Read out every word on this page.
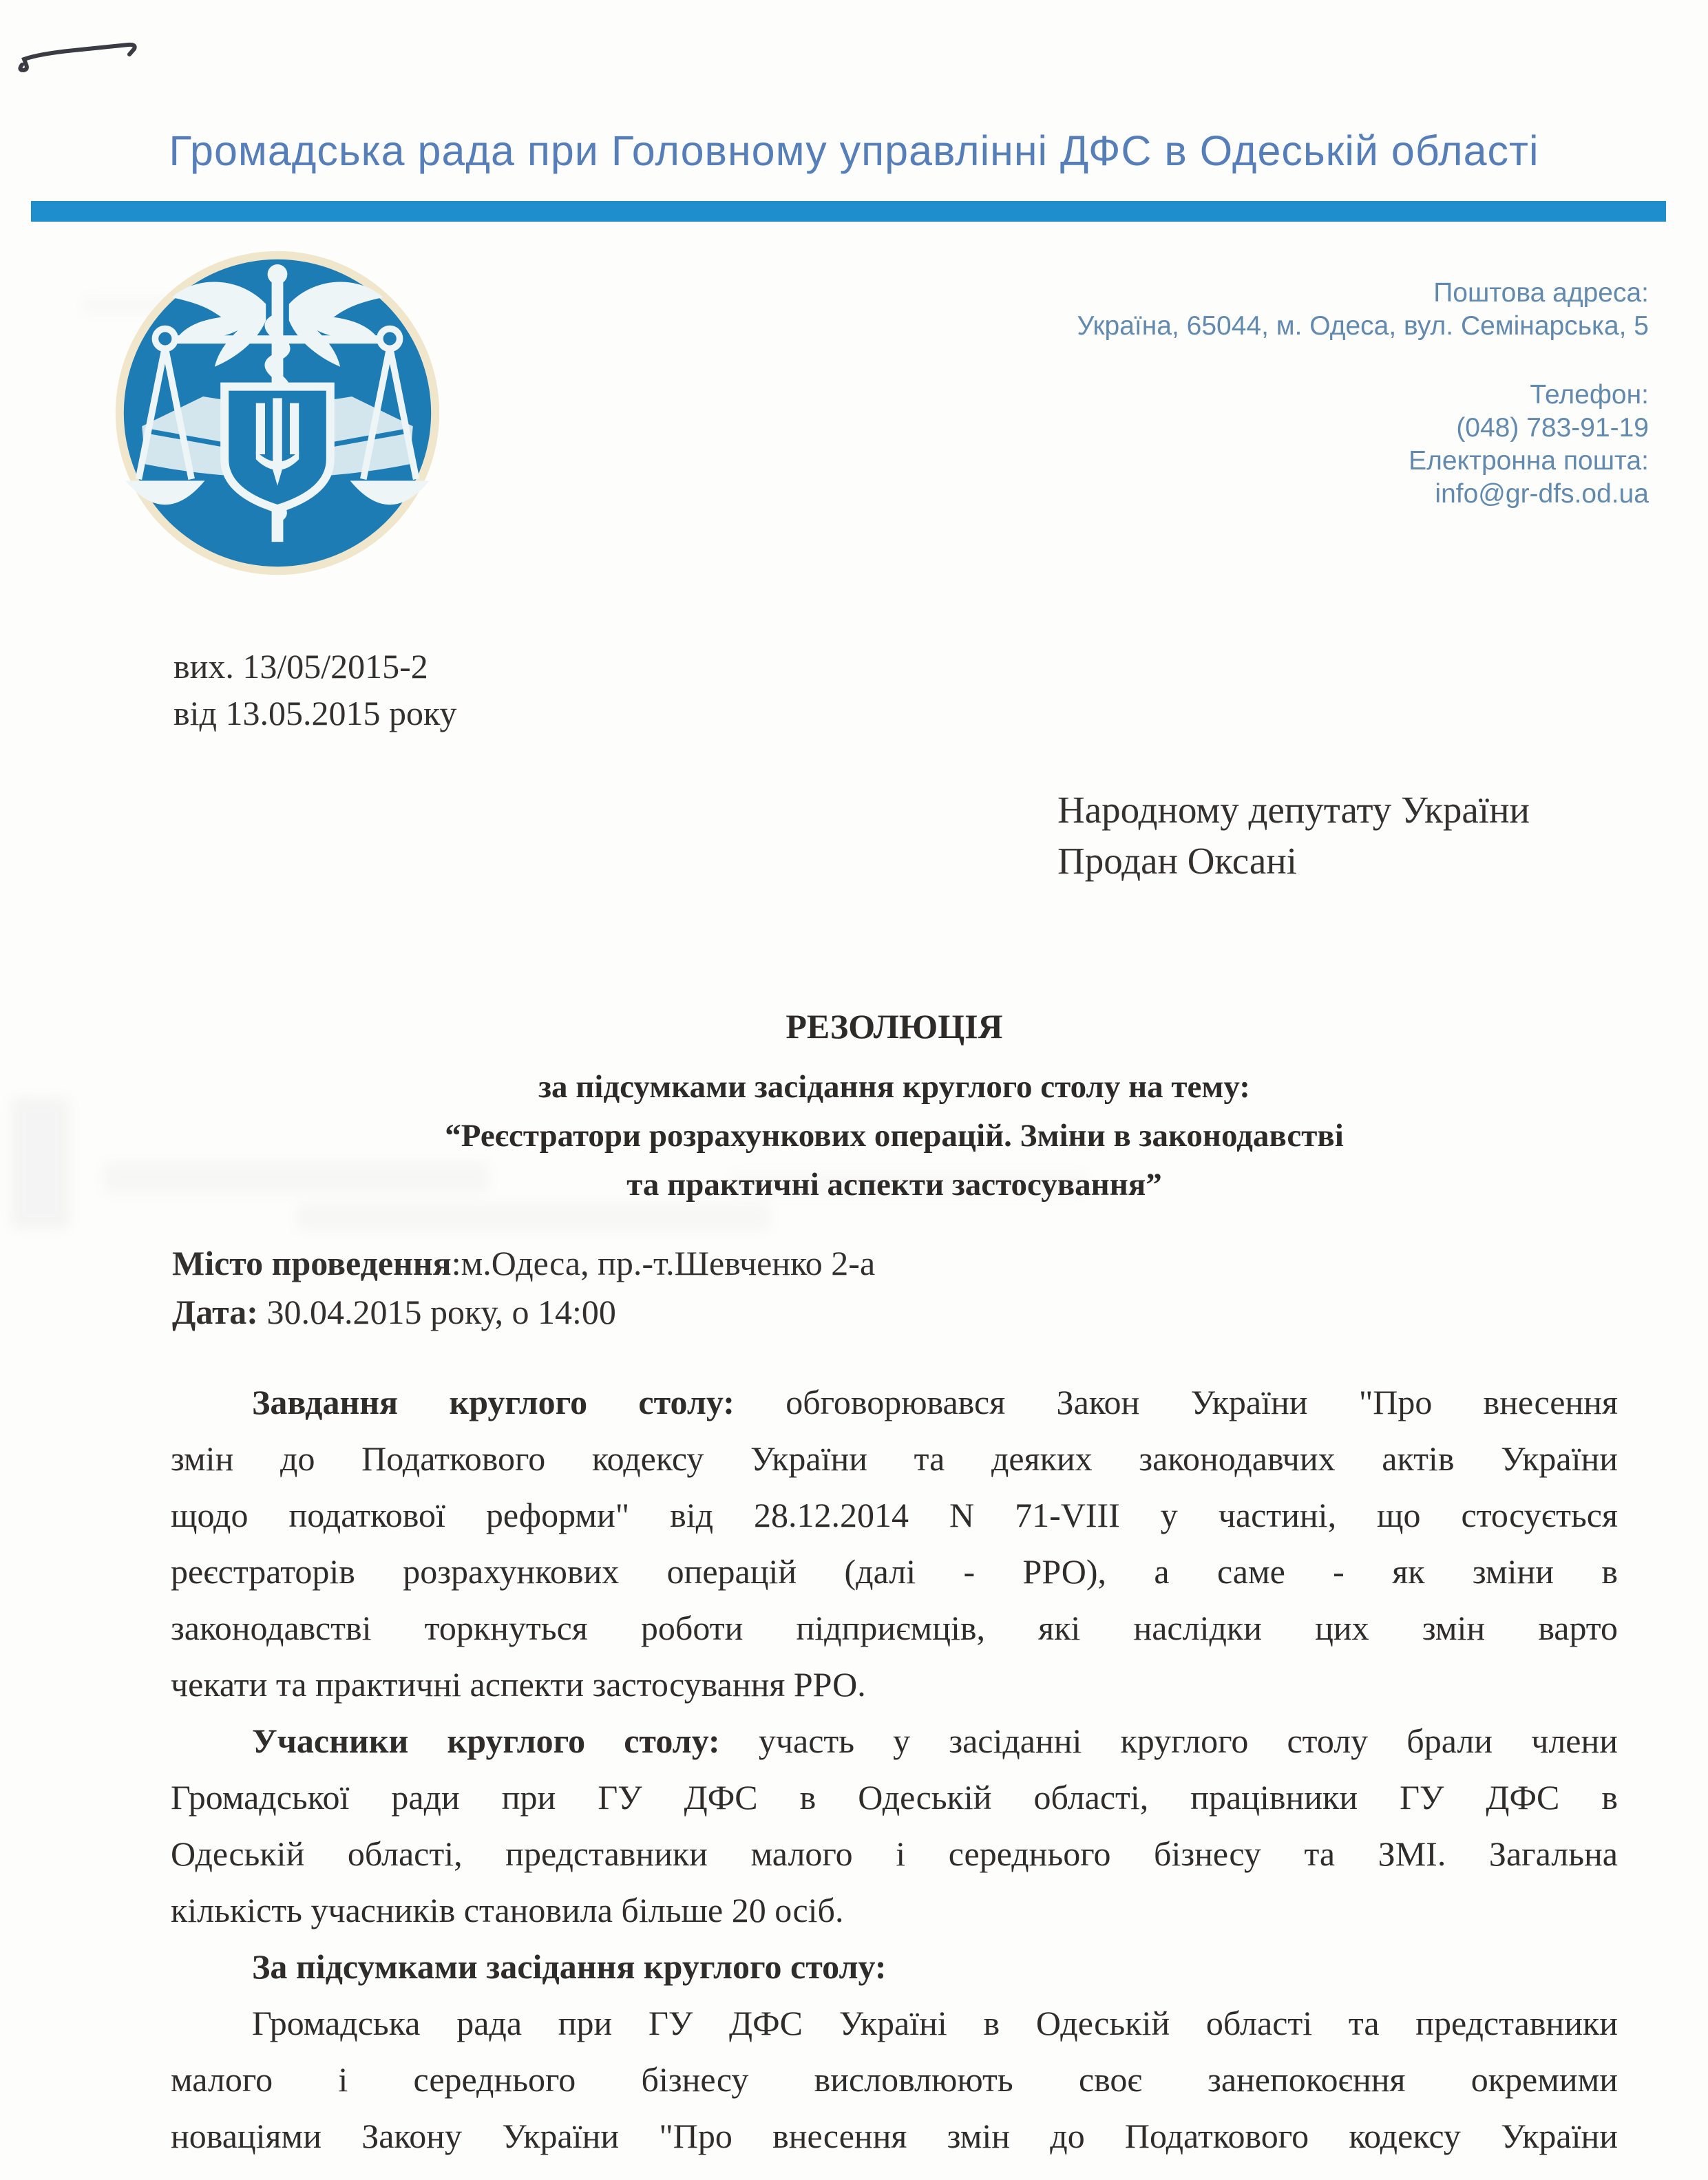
Громадська рада при Головному управлінні ДФС в Одеській області
Поштова адреса:
Україна, 65044, м. Одеса, вул. Семінарська, 5
Телефон:
(048) 783-91-19
Електронна пошта:
info@gr-dfs.od.ua
вих. 13/05/2015-2
від 13.05.2015 року
Народному депутату України
Продан Оксані
РЕЗОЛЮЦІЯ
за підсумками засідання круглого столу на тему:
“Реєстратори розрахункових операцій. Зміни в законодавстві
та практичні аспекти застосування”
Місто проведення:м.Одеса, пр.-т.Шевченко 2-а
Дата: 30.04.2015 року, о 14:00
Завдання круглого столу: обговорювався Закон України "Про внесення
змін до Податкового кодексу України та деяких законодавчих актів України
щодо податкової реформи" від 28.12.2014 N 71-VIII у частині, що стосується
реєстраторів розрахункових операцій (далі - РРО), а саме - як зміни в
законодавстві торкнуться роботи підприємців, які наслідки цих змін варто
чекати та практичні аспекти застосування РРО.
Учасники круглого столу: участь у засіданні круглого столу брали члени
Громадської ради при ГУ ДФС в Одеській області, працівники ГУ ДФС в
Одеській області, представники малого і середнього бізнесу та ЗМІ. Загальна
кількість учасників становила більше 20 осіб.
За підсумками засідання круглого столу:
Громадська рада при ГУ ДФС Україні в Одеській області та представники
малого і середнього бізнесу висловлюють своє занепокоєння окремими
новаціями Закону України "Про внесення змін до Податкового кодексу України
